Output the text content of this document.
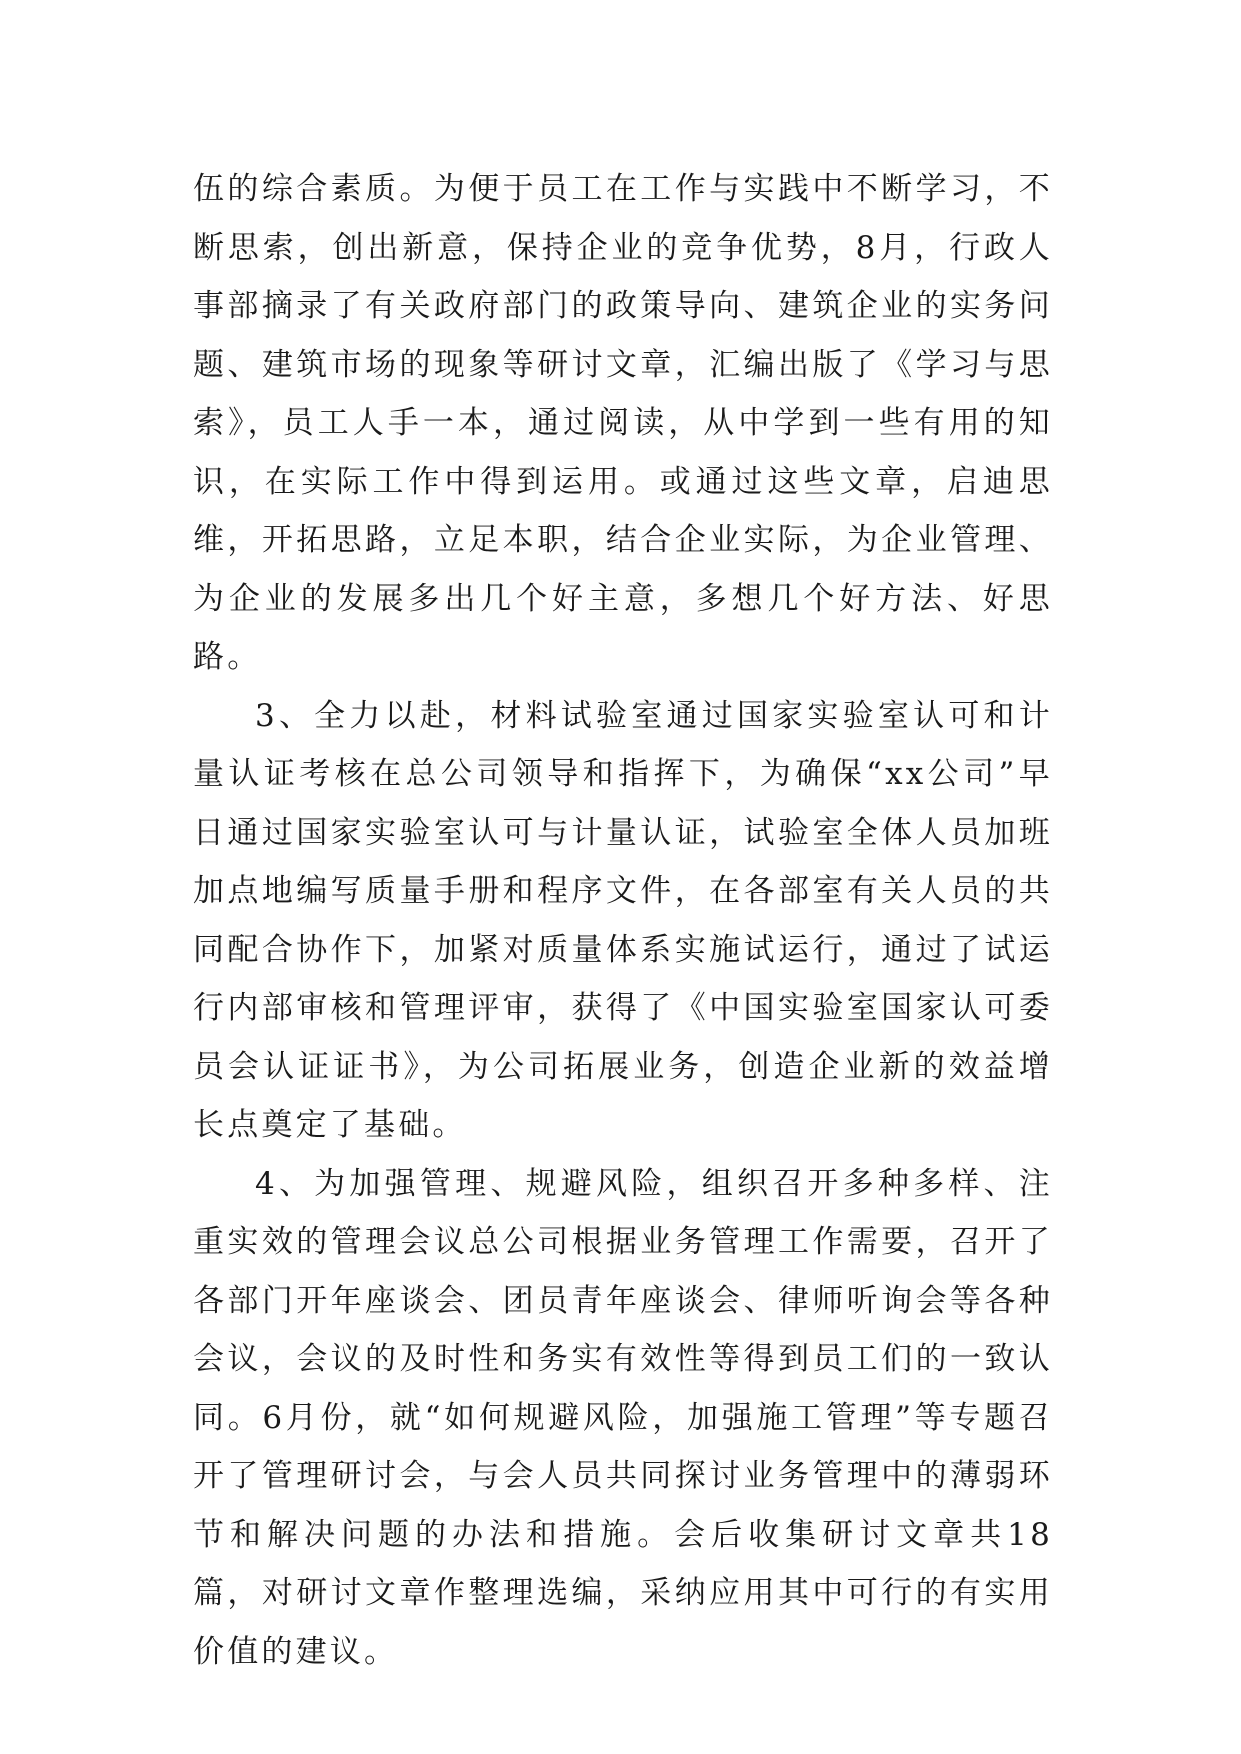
伍的综合素质。为便于员工在工作与实践中不断学习，不断思索，创出新意，保持企业的竞争优势，8月，行政人事部摘录了有关政府部门的政策导向、建筑企业的实务问题、建筑市场的现象等研讨文章，汇编出版了《学习与思索》，员工人手一本，通过阅读，从中学到一些有用的知识，在实际工作中得到运用。或通过这些文章，启迪思维，开拓思路，立足本职，结合企业实际，为企业管理、为企业的发展多出几个好主意，多想几个好方法、好思路。

3、全力以赴，材料试验室通过国家实验室认可和计量认证考核在总公司领导和指挥下，为确保“xx公司”早日通过国家实验室认可与计量认证，试验室全体人员加班加点地编写质量手册和程序文件，在各部室有关人员的共同配合协作下，加紧对质量体系实施试运行，通过了试运行内部审核和管理评审，获得了《中国实验室国家认可委员会认证证书》，为公司拓展业务，创造企业新的效益增长点奠定了基础。

4、为加强管理、规避风险，组织召开多种多样、注重实效的管理会议总公司根据业务管理工作需要，召开了各部门开年座谈会、团员青年座谈会、律师听询会等各种会议，会议的及时性和务实有效性等得到员工们的一致认同。6月份，就“如何规避风险，加强施工管理”等专题召开了管理研讨会，与会人员共同探讨业务管理中的薄弱环节和解决问题的办法和措施。会后收集研讨文章共18篇，对研讨文章作整理选编，采纳应用其中可行的有实用价值的建议。
